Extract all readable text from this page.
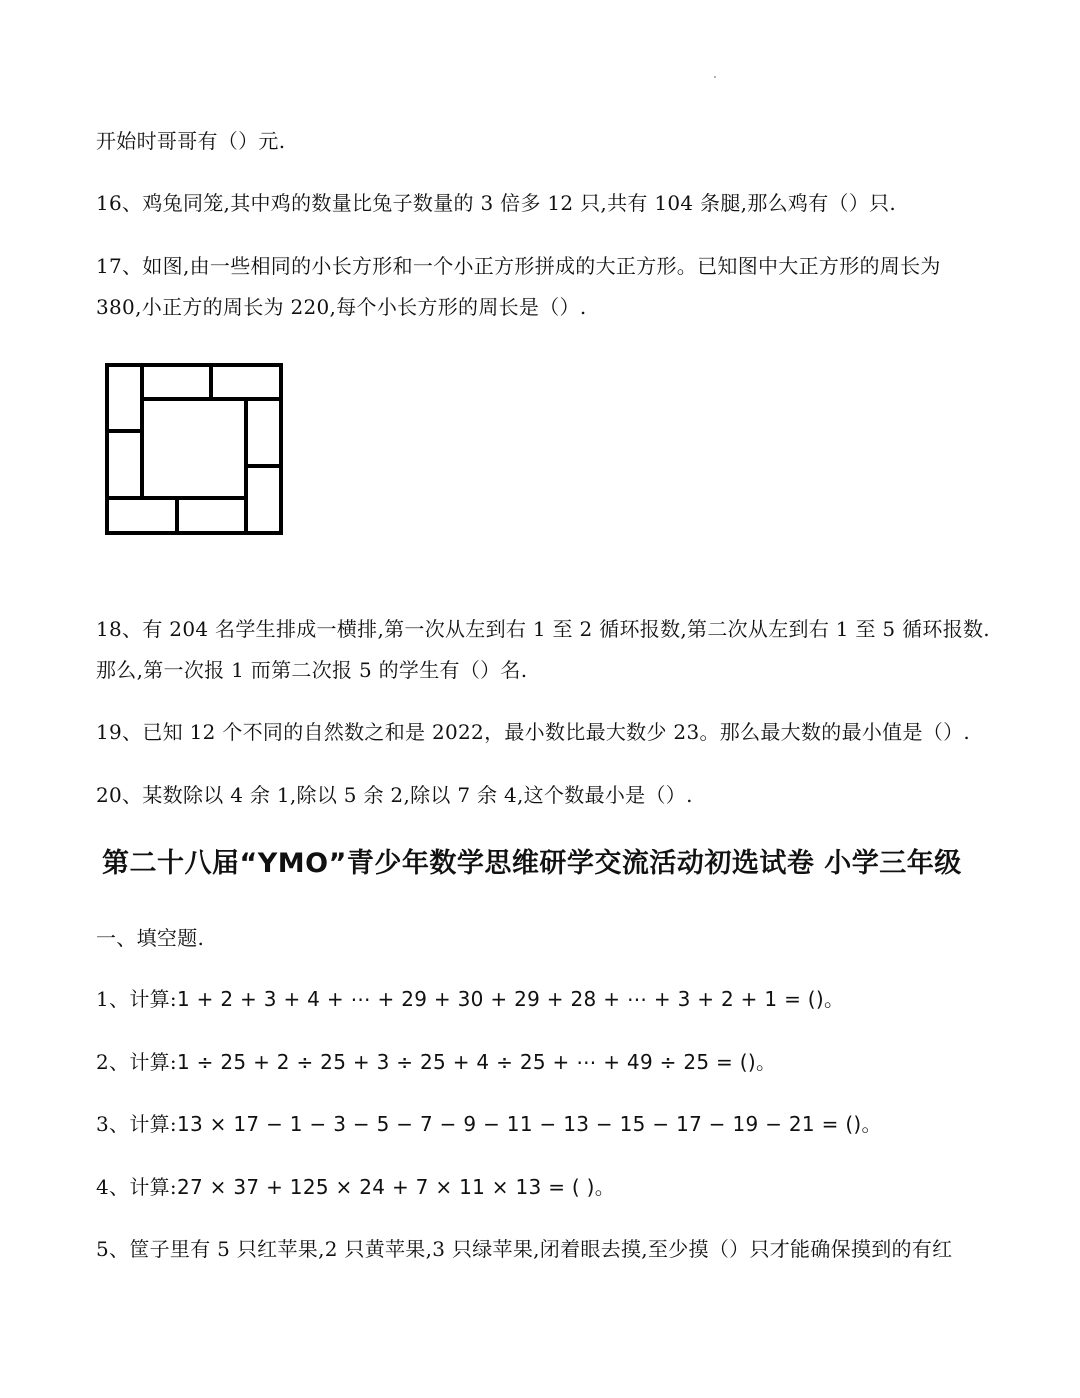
开始时哥哥有（）元.
16、鸡兔同笼,其中鸡的数量比兔子数量的 3 倍多 12 只,共有 104 条腿,那么鸡有（）只.
17、如图,由一些相同的小长方形和一个小正方形拼成的大正方形。已知图中大正方形的周长为
380,小正方的周长为 220,每个小长方形的周长是（）.
18、有 204 名学生排成一横排,第一次从左到右 1 至 2 循环报数,第二次从左到右 1 至 5 循环报数.
那么,第一次报 1 而第二次报 5 的学生有（）名.
19、已知 12 个不同的自然数之和是 2022，最小数比最大数少 23。那么最大数的最小值是（）.
20、某数除以 4 余 1,除以 5 余 2,除以 7 余 4,这个数最小是（）.
第二十八届“YMO”青少年数学思维研学交流活动初选试卷 小学三年级
一、填空题.
1、计算:1 + 2 + 3 + 4 + ⋯ + 29 + 30 + 29 + 28 + ⋯ + 3 + 2 + 1 = ()。
2、计算:1 ÷ 25 + 2 ÷ 25 + 3 ÷ 25 + 4 ÷ 25 + ⋯ + 49 ÷ 25 = ()。
3、计算:13 × 17 − 1 − 3 − 5 − 7 − 9 − 11 − 13 − 15 − 17 − 19 − 21 = ()。
4、计算:27 × 37 + 125 × 24 + 7 × 11 × 13 = ( )。
5、筐子里有 5 只红苹果,2 只黄苹果,3 只绿苹果,闭着眼去摸,至少摸（）只才能确保摸到的有红
